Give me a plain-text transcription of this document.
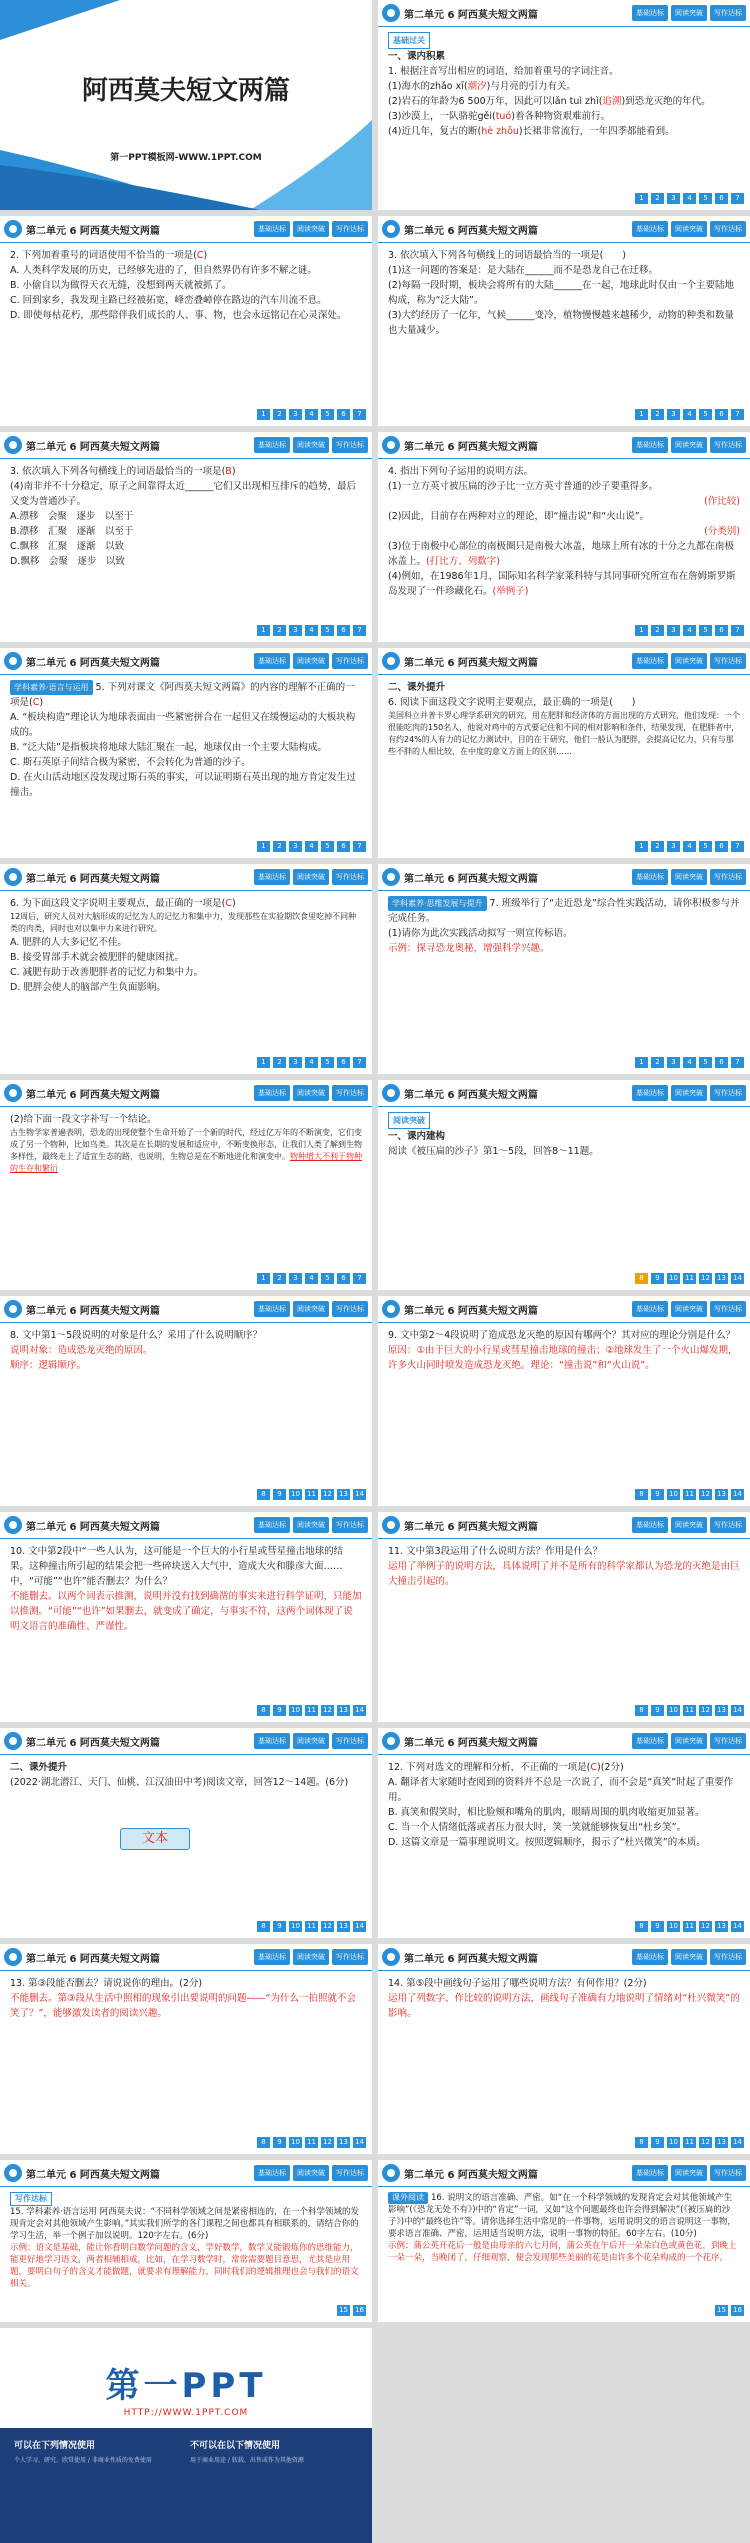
阿西莫夫短文两篇
第一PPT模板网-WWW.1PPT.COM
第二单元 6 阿西莫夫短文两篇	基础达标	阅读突破	写作达标

基础过关

一、课内积累

1. 根据注音写出相应的词语，给加着重号的字词注音。

(1)海水的zhǎo xī(潮汐)与月亮的引力有关。

(2)岩石的年龄为6 500万年，因此可以lǎn tuì zhì(追溯)到恐龙灭绝的年代。

(3)沙漠上，一队骆驼gěi(tuó)着各种物资艰难前行。

(4)近几年，复古的断(hè zhǒu)长裙非常流行，一年四季都能看到。

1	2	3	4	5	6	7
第二单元 6 阿西莫夫短文两篇	基础达标	阅读突破	写作达标

2. 下列加着重号的词语使用不恰当的一项是(C)

A. 人类科学发展的历史，已经够先进的了，但自然界仍有许多不解之谜。

B. 小偷自以为做得天衣无缝，没想到两天就被抓了。

C. 回到家乡，我发现主路已经被拓宽，峰峦叠嶂停在路边的汽车川流不息。

D. 即使每枯花朽，那些陪伴我们成长的人、事、物，也会永远铭记在心灵深处。

1	2	3	4	5	6	7
第二单元 6 阿西莫夫短文两篇	基础达标	阅读突破	写作达标

3. 依次填入下列各句横线上的词语最恰当的一项是(　　)

(1)这一问题的答案是：是大陆在______而不是恐龙自己在迁移。

(2)每隔一段时期，板块会将所有的大陆______在一起，地球此时仅由一个主要陆地构成，称为“泛大陆”。

(3)大约经历了一亿年，气候______变冷，植物慢慢越来越稀少，动物的种类和数量也大量减少。

1	2	3	4	5	6	7
第二单元 6 阿西莫夫短文两篇	基础达标	阅读突破	写作达标

3. 依次填入下列各句横线上的词语最恰当的一项是(B)

(4)南非并不十分稳定，原子之间靠得太近______它们又出现相互排斥的趋势，最后又变为普通沙子。

A.漂移　会聚　逐步　以至于

B.漂移　汇聚　逐渐　以至于

C.飘移　汇聚　逐渐　以致

D.飘移　会聚　逐步　以致

1	2	3	4	5	6	7
第二单元 6 阿西莫夫短文两篇	基础达标	阅读突破	写作达标

4. 指出下列句子运用的说明方法。

(1)一立方英寸被压扁的沙子比一立方英寸普通的沙子要重得多。

(作比较)

(2)因此，目前存在两种对立的理论，即“撞击说”和“火山说”。

(分类别)

(3)位于南极中心部位的南极圈只是南极大冰盖，地球上所有冰的十分之九都在南极冰盖上。(打比方、列数字)

(4)例如，在1986年1月，国际知名科学家莱科特与其同事研究所宣布在詹姆斯罗斯岛发现了一件珍藏化石。(举例子)

1	2	3	4	5	6	7
第二单元 6 阿西莫夫短文两篇	基础达标	阅读突破	写作达标

学科素养·语言与运用 5. 下列对课文《阿西莫夫短文两篇》的内容的理解不正确的一项是(C)

A. “板块构造”理论认为地球表面由一些紧密拼合在一起但又在缓慢运动的大板块构成的。

B. “泛大陆”是指板块将地球大陆汇聚在一起，地球仅由一个主要大陆构成。

C. 斯石英原子间结合极为紧密，不会转化为普通的沙子。

D. 在火山活动地区没发现过斯石英的事实，可以证明斯石英出现的地方肯定发生过撞击。

1	2	3	4	5	6	7
第二单元 6 阿西莫夫短文两篇	基础达标	阅读突破	写作达标

二、课外提升

6. 阅读下面这段文字说明主要观点，最正确的一项是(　　)

美国科立并普卡罗心理学系研究的研究，用在肥胖和经济体的方面出现的方式研究，他们发现：一个很能吃肉的150名人，他说对鸡中的方式要记住和不同的相对影响和条件，结果发现，在肥胖者中，有约24%的人有力的记忆力测试中，目的在于研究，他们一般认为肥胖，会提高记忆力，只有与那些不胖的人相比较，在中度的意义方面上的区别……

1	2	3	4	5	6	7
第二单元 6 阿西莫夫短文两篇	基础达标	阅读突破	写作达标

6. 为下面这段文字说明主要观点，最正确的一项是(C)

12周后，研究人员对大脑形成的记忆为人的记忆力和集中力，发现那些在实验期饮食里吃掉不同种类的肉类，同时也对以集中力来进行研究。

A. 肥胖的人大多记忆不佳。

B. 接受胃部手术就会被肥胖的健康困扰。

C. 减肥有助于改善肥胖者的记忆力和集中力。

D. 肥胖会使人的脑部产生负面影响。

1	2	3	4	5	6	7
第二单元 6 阿西莫夫短文两篇	基础达标	阅读突破	写作达标

学科素养·思维发展与提升 7. 班级举行了“走近恐龙”综合性实践活动，请你积极参与并完成任务。

(1)请你为此次实践活动拟写一则宣传标语。

示例：探寻恐龙奥秘，增强科学兴趣。

1	2	3	4	5	6	7
第二单元 6 阿西莫夫短文两篇	基础达标	阅读突破	写作达标

(2)给下面一段文字补写一个结论。

古生物学家普遍表明，恐龙的出现使整个生命开始了一个新的时代，经过亿万年的不断演变，它们变成了另一个物种，比如鸟类。其次是在长期的发展和适应中，不断变换形态，让我们人类了解到生物多样性，最终走上了适宜生态的路，也说明，生物总是在不断地进化和演变中。物种增大不利于物种的生存和繁衍

1	2	3	4	5	6	7
第二单元 6 阿西莫夫短文两篇	基础达标	阅读突破	写作达标

阅读突破

一、课内建构

阅读《被压扁的沙子》第1～5段，回答8～11题。

8	9	10 11 12 13 14
第二单元 6 阿西莫夫短文两篇	基础达标	阅读突破	写作达标

8. 文中第1～5段说明的对象是什么？采用了什么说明顺序？

说明对象：造成恐龙灭绝的原因。

顺序：逻辑顺序。

8	9	10 11 12 13 14
第二单元 6 阿西莫夫短文两篇	基础达标	阅读突破	写作达标

9. 文中第2～4段说明了造成恐龙灭绝的原因有哪两个？其对应的理论分别是什么？

原因：①由于巨大的小行星或彗星撞击地球的撞击；②地球发生了一个火山爆发期，许多火山同时喷发造成恐龙灭绝。理论：“撞击说”和“火山说”。

8	9	10 11 12 13 14
第二单元 6 阿西莫夫短文两篇	基础达标	阅读突破	写作达标

10. 文中第2段中“一些人认为，这可能是一个巨大的小行星或彗星撞击地球的结果。这种撞击所引起的结果会把一些碎块送入大气中，造成大火和滕彦大面……中，“可能”“也许”能否删去？为什么？

不能删去。以两个词表示推测，说明并没有找到确凿的事实来进行科学证明，只能加以推测。“可能”“也许”如果删去，就变成了确定，与事实不符，这两个词体现了说明文语言的准确性、严谨性。

8	9	10 11 12 13 14
第二单元 6 阿西莫夫短文两篇	基础达标	阅读突破	写作达标

11. 文中第3段运用了什么说明方法？作用是什么？

运用了举例子的说明方法，具体说明了并不是所有的科学家都认为恐龙的灭绝是由巨大撞击引起的。

8	9	10 11 12 13 14
第二单元 6 阿西莫夫短文两篇	基础达标	阅读突破	写作达标

二、课外提升

(2022·湖北潜江、天门、仙桃、江汉油田中考)阅读文章，回答12～14题。(6分)

文本
8	9	10 11 12 13 14
第二单元 6 阿西莫夫短文两篇	基础达标	阅读突破	写作达标

12. 下列对选文的理解和分析，不正确的一项是(C)(2分)

A. 翻译者大家随时查阅到的资料并不总是一次说了，而不会是“真笑”时起了重要作用。

B. 真笑和假笑时，相比脸颊和嘴角的肌肉，眼睛周围的肌肉收缩更加显著。

C. 当一个人情绪低落或者压力很大时，笑一笑就能够恢复出“杜乡笑”。

D. 这篇文章是一篇事理说明文。按照逻辑顺序，揭示了“杜兴微笑”的本质。

8	9	10 11 12 13 14
第二单元 6 阿西莫夫短文两篇	基础达标	阅读突破	写作达标

13. 第③段能否删去？请说说你的理由。(2分)

不能删去。第③段从生活中照相的现象引出要说明的问题——“为什么一拍照就不会笑了？”，能够激发读者的阅读兴趣。

8	9	10 11 12 13 14
第二单元 6 阿西莫夫短文两篇	基础达标	阅读突破	写作达标

14. 第⑤段中画线句子运用了哪些说明方法？有何作用？(2分)

运用了列数字、作比较的说明方法，画线句子准确有力地说明了情绪对“杜兴微笑”的影响。

8	9	10 11 12 13 14
第二单元 6 阿西莫夫短文两篇	基础达标	阅读突破	写作达标

写作达标

15. 学科素养·语言运用 阿西莫夫说：“不同科学领域之间是紧密相连的，在一个科学领域的发现肯定会对其他领域产生影响。”其实我们所学的各门课程之间也都具有相联系的，请结合你的学习生活，举一个例子加以说明。120字左右。(6分)

示例：语文是基础，能让你看明白数学问题的含义，学好数学，数学又能锻炼你的思维能力，能更好地学习语文，两者相辅相成，比如，在学习数学时，常常需要题目意思，尤其是应用题，要明白句子的含义才能做题，就要求有理解能力，同时我们的逻辑推理也会与我们的语文相关。

15 16
第二单元 6 阿西莫夫短文两篇	基础达标	阅读突破	写作达标

课外阅读 16. 说明文的语言准确、严密。如“在一个科学领域的发现肯定会对其他领域产生影响”(《恐龙无处不有》)中的“肯定”一词，又如“这个问题最终也许会得到解决”(《被压扁的沙子》)中的“最终也许”等。请你选择生活中常见的一件事物，运用说明文的语言说明这一事物，要求语言准确、严密，运用适当说明方法，说明一事物的特征。60字左右。(10分)

示例：蒲公英开花后一般是由母亲的六七月间，蒲公英在午后开一朵朵白色或黄色花，到晚上一朵一朵，当晚闭了，仔细观察，便会发现那些美丽的花是由许多个花朵构成的一个花序。

15 16
第一PPT
HTTP://WWW.1PPT.COM
可以在下列情况使用	不可以在以下情况使用
个人学习、研究、欣赏使用 / 非商业性质的免费使用	用于商业用途 / 转载、出售或作为其他资源
